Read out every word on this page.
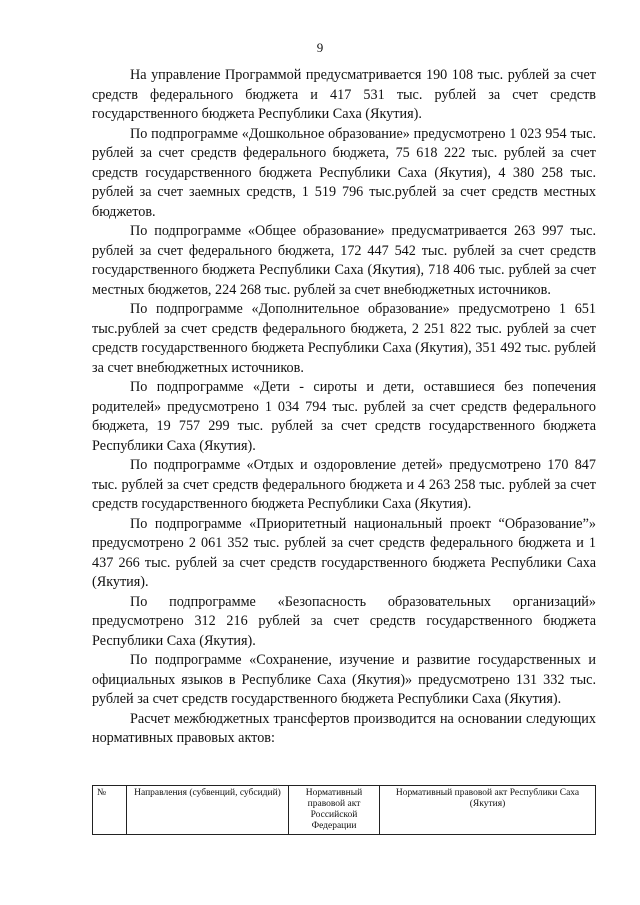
9

На управление Программой предусматривается 190 108 тыс. рублей за счет средств федерального бюджета и 417 531 тыс. рублей за счет средств государственного бюджета Республики Саха (Якутия).

По подпрограмме «Дошкольное образование» предусмотрено 1 023 954 тыс. рублей за счет средств федерального бюджета, 75 618 222 тыс. рублей за счет средств государственного бюджета Республики Саха (Якутия), 4 380 258 тыс. рублей за счет заемных средств, 1 519 796 тыс.рублей за счет средств местных бюджетов.

По подпрограмме «Общее образование» предусматривается 263 997 тыс. рублей за счет федерального бюджета, 172 447 542 тыс. рублей за счет средств государственного бюджета Республики Саха (Якутия), 718 406 тыс. рублей за счет местных бюджетов, 224 268 тыс. рублей за счет внебюджетных источников.

По подпрограмме «Дополнительное образование» предусмотрено 1 651 тыс.рублей за счет средств федерального бюджета, 2 251 822 тыс. рублей за счет средств государственного бюджета Республики Саха (Якутия), 351 492 тыс. рублей за счет внебюджетных источников.

По подпрограмме «Дети - сироты и дети, оставшиеся без попечения родителей» предусмотрено 1 034 794 тыс. рублей за счет средств федерального бюджета, 19 757 299 тыс. рублей за счет средств государственного бюджета Республики Саха (Якутия).

По подпрограмме «Отдых и оздоровление детей» предусмотрено 170 847 тыс. рублей за счет средств федерального бюджета и 4 263 258 тыс. рублей за счет средств государственного бюджета Республики Саха (Якутия).

По подпрограмме «Приоритетный национальный проект “Образование”» предусмотрено 2 061 352 тыс. рублей за счет средств федерального бюджета и 1 437 266 тыс. рублей за счет средств государственного бюджета Республики Саха (Якутия).

По подпрограмме «Безопасность образовательных организаций» предусмотрено 312 216 рублей за счет средств государственного бюджета Республики Саха (Якутия).

По подпрограмме «Сохранение, изучение и развитие государственных и официальных языков в Республике Саха (Якутия)» предусмотрено 131 332 тыс. рублей за счет средств государственного бюджета Республики Саха (Якутия).

Расчет межбюджетных трансфертов производится на основании следующих нормативных правовых актов:

№	Направления (субвенций, субсидий)	Нормативный правовой акт Российской Федерации	Нормативный правовой акт Республики Саха (Якутия)
